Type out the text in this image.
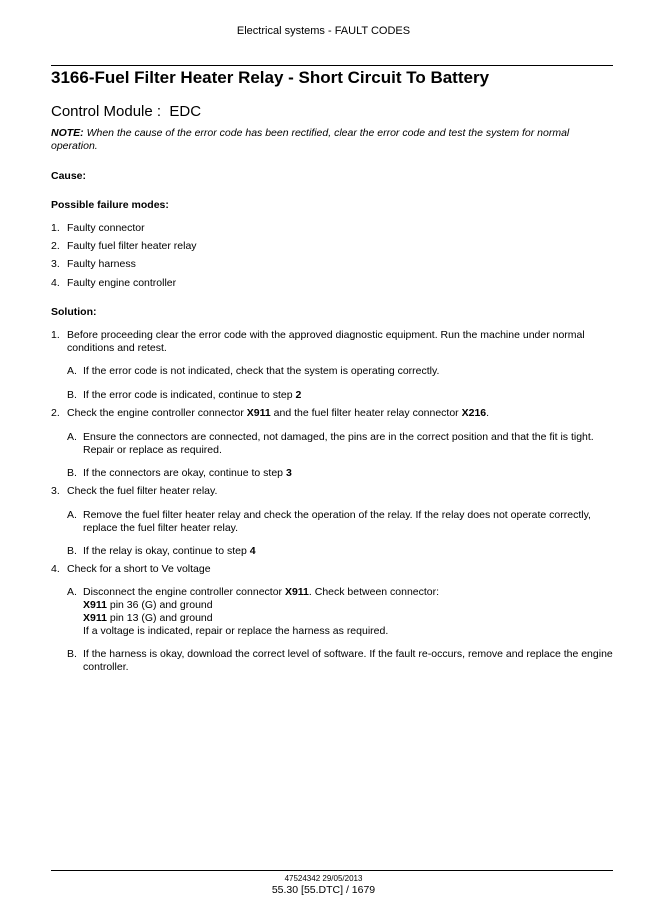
Electrical systems - FAULT CODES
3166-Fuel Filter Heater Relay - Short Circuit To Battery
Control Module : EDC
NOTE: When the cause of the error code has been rectified, clear the error code and test the system for normal operation.
Cause:
Possible failure modes:
1. Faulty connector
2. Faulty fuel filter heater relay
3. Faulty harness
4. Faulty engine controller
Solution:
1. Before proceeding clear the error code with the approved diagnostic equipment. Run the machine under normal conditions and retest.
A. If the error code is not indicated, check that the system is operating correctly.
B. If the error code is indicated, continue to step 2
2. Check the engine controller connector X911 and the fuel filter heater relay connector X216.
A. Ensure the connectors are connected, not damaged, the pins are in the correct position and that the fit is tight. Repair or replace as required.
B. If the connectors are okay, continue to step 3
3. Check the fuel filter heater relay.
A. Remove the fuel filter heater relay and check the operation of the relay. If the relay does not operate correctly, replace the fuel filter heater relay.
B. If the relay is okay, continue to step 4
4. Check for a short to Ve voltage
A. Disconnect the engine controller connector X911. Check between connector:
X911 pin 36 (G) and ground
X911 pin 13 (G) and ground
If a voltage is indicated, repair or replace the harness as required.
B. If the harness is okay, download the correct level of software. If the fault re-occurs, remove and replace the engine controller.
47524342 29/05/2013
55.30 [55.DTC] / 1679
